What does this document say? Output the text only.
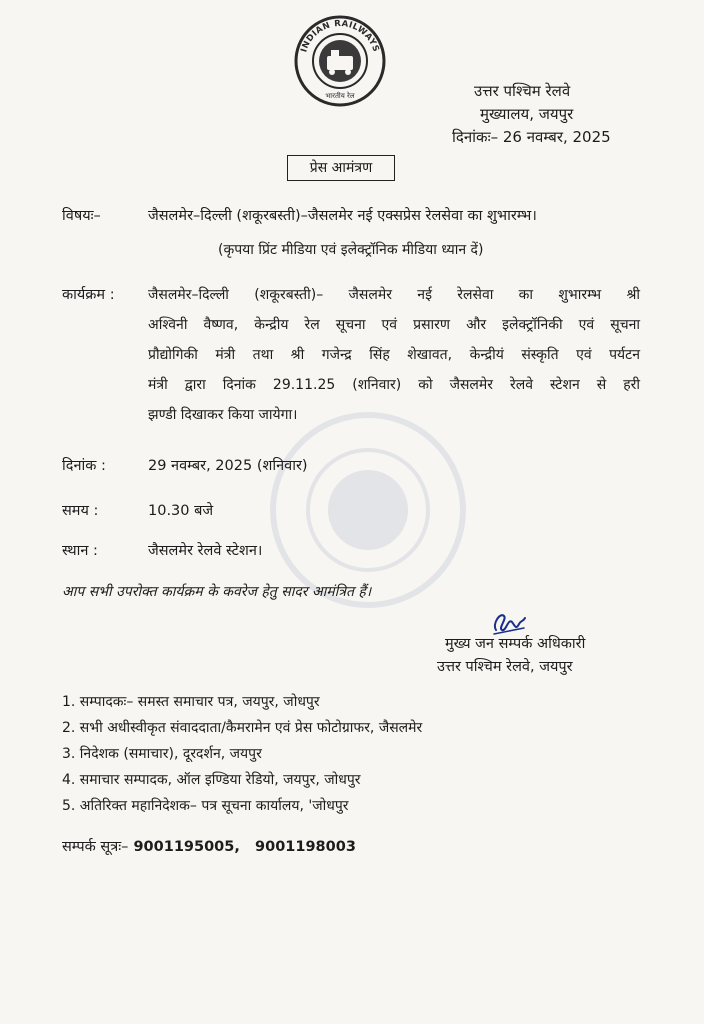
INDIAN RAILWAYS
भारतीय रेल	उत्तर पश्चिम रेलवे
मुख्यालय, जयपुर
दिनांकः– 26 नवम्बर, 2025
प्रेस आमंत्रण
विषयः–	जैसलमेर–दिल्ली (शकूरबस्ती)–जैसलमेर नई एक्सप्रेस रेलसेवा का शुभारम्भ।
(कृपया प्रिंट मीडिया एवं इलेक्ट्रॉनिक मीडिया ध्यान दें)
कार्यक्रम : जैसलमेर–दिल्ली (शकूरबस्ती)– जैसलमेर नई रेलसेवा का शुभारम्भ श्री
अश्विनी वैष्णव, केन्द्रीय रेल सूचना एवं प्रसारण और इलेक्ट्रॉनिकी एवं सूचना
प्रौद्योगिकी मंत्री तथा श्री गजेन्द्र सिंह शेखावत, केन्द्रीयं संस्कृति एवं पर्यटन
मंत्री द्वारा दिनांक 29.11.25 (शनिवार) को जैसलमेर रेलवे स्टेशन से हरी
झण्डी दिखाकर किया जायेगा।
दिनांक :	29 नवम्बर, 2025 (शनिवार)
समय :	10.30 बजे
स्थान :	जैसलमेर रेलवे स्टेशन।
आप सभी उपरोक्त कार्यक्रम के कवरेज हेतु सादर आमंत्रित हैं।
मुख्य जन सम्पर्क अधिकारी
उत्तर पश्चिम रेलवे, जयपुर
1. सम्पादकः– समस्त समाचार पत्र, जयपुर, जोधपुर
2. सभी अधीस्वीकृत संवाददाता/कैमरामेन एवं प्रेस फोटोग्राफर, जैसलमेर
3. निदेशक (समाचार), दूरदर्शन, जयपुर
4. समाचार सम्पादक, ऑल इण्डिया रेडियो, जयपुर, जोधपुर
5. अतिरिक्त महानिदेशक– पत्र सूचना कार्यालय, 'जोधपुर
सम्पर्क सूत्रः– 9001195005,   9001198003
